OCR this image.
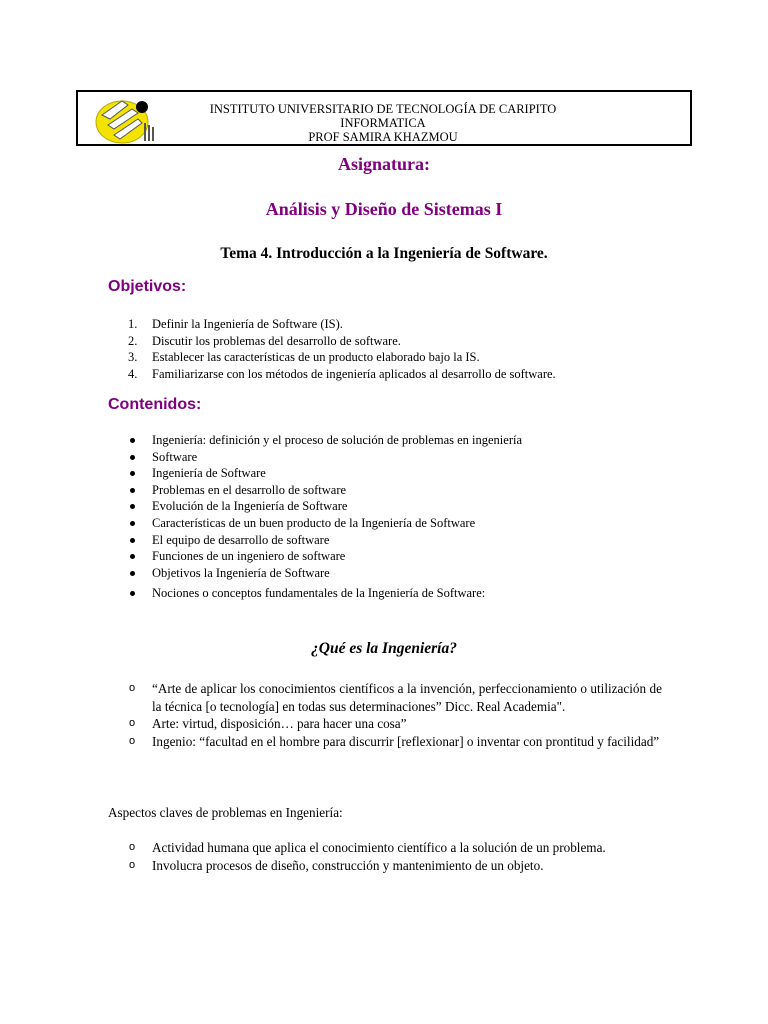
INSTITUTO UNIVERSITARIO DE TECNOLOGÍA DE CARIPITO
INFORMATICA
PROF SAMIRA KHAZMOU
Asignatura:
Análisis y Diseño de Sistemas I
Tema 4. Introducción a la Ingeniería de Software.
Objetivos:
1. Definir la Ingeniería de Software (IS).
2. Discutir los problemas del desarrollo de software.
3. Establecer las características de un producto elaborado bajo la IS.
4. Familiarizarse con los métodos de ingeniería aplicados al desarrollo de software.
Contenidos:
Ingeniería: definición y el proceso de solución de problemas en ingeniería
Software
Ingeniería de Software
Problemas en el desarrollo de software
Evolución de la Ingeniería de Software
Características de un buen producto de la Ingeniería de Software
El equipo de desarrollo de software
Funciones de un ingeniero de software
Objetivos la Ingeniería de Software
Nociones o conceptos fundamentales de la Ingeniería de Software:
¿Qué es la Ingeniería?
o “Arte de aplicar los conocimientos científicos a la invención, perfeccionamiento o utilización de la técnica [o tecnología] en todas sus determinaciones” Dicc. Real Academia".
o Arte: virtud, disposición… para hacer una cosa”
o Ingenio: “facultad en el hombre para discurrir [reflexionar] o inventar con prontitud y facilidad”
Aspectos claves de problemas en Ingeniería:
o Actividad humana que aplica el conocimiento científico a la solución de un problema.
o Involucra procesos de diseño, construcción y mantenimiento de un objeto.
